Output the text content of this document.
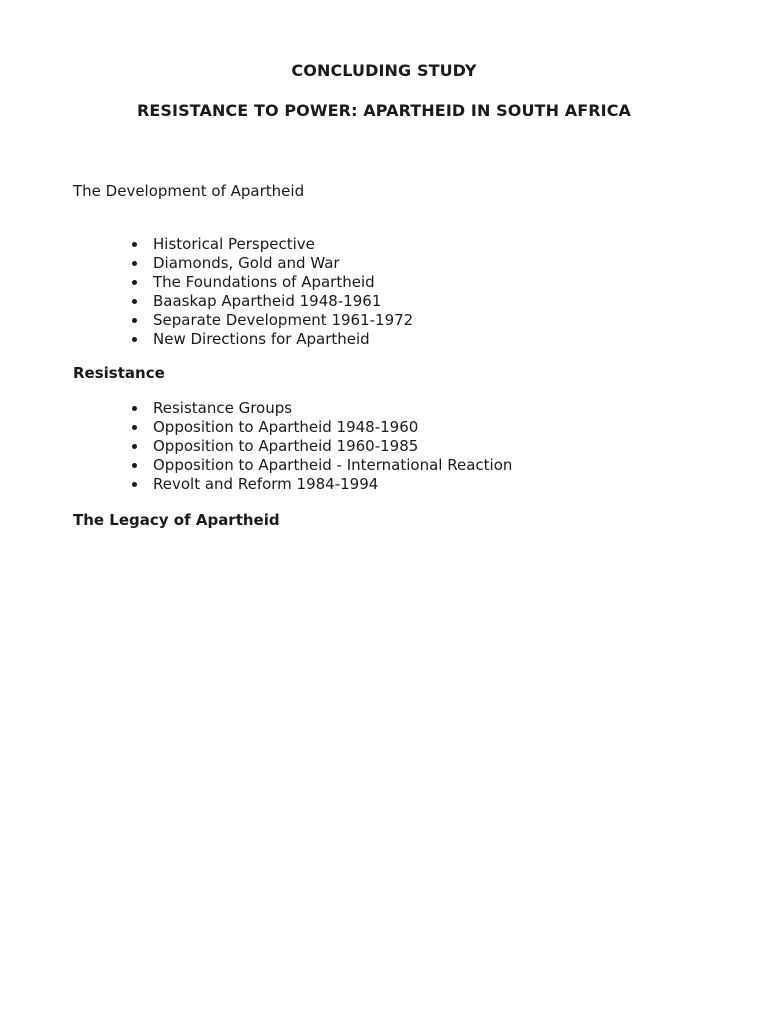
CONCLUDING STUDY
RESISTANCE TO POWER: APARTHEID IN SOUTH AFRICA

The Development of Apartheid

Historical Perspective
Diamonds, Gold and War
The Foundations of Apartheid
Baaskap Apartheid 1948-1961
Separate Development 1961-1972
New Directions for Apartheid

Resistance

Resistance Groups
Opposition to Apartheid 1948-1960
Opposition to Apartheid 1960-1985
Opposition to Apartheid - International Reaction
Revolt and Reform 1984-1994

The Legacy of Apartheid
